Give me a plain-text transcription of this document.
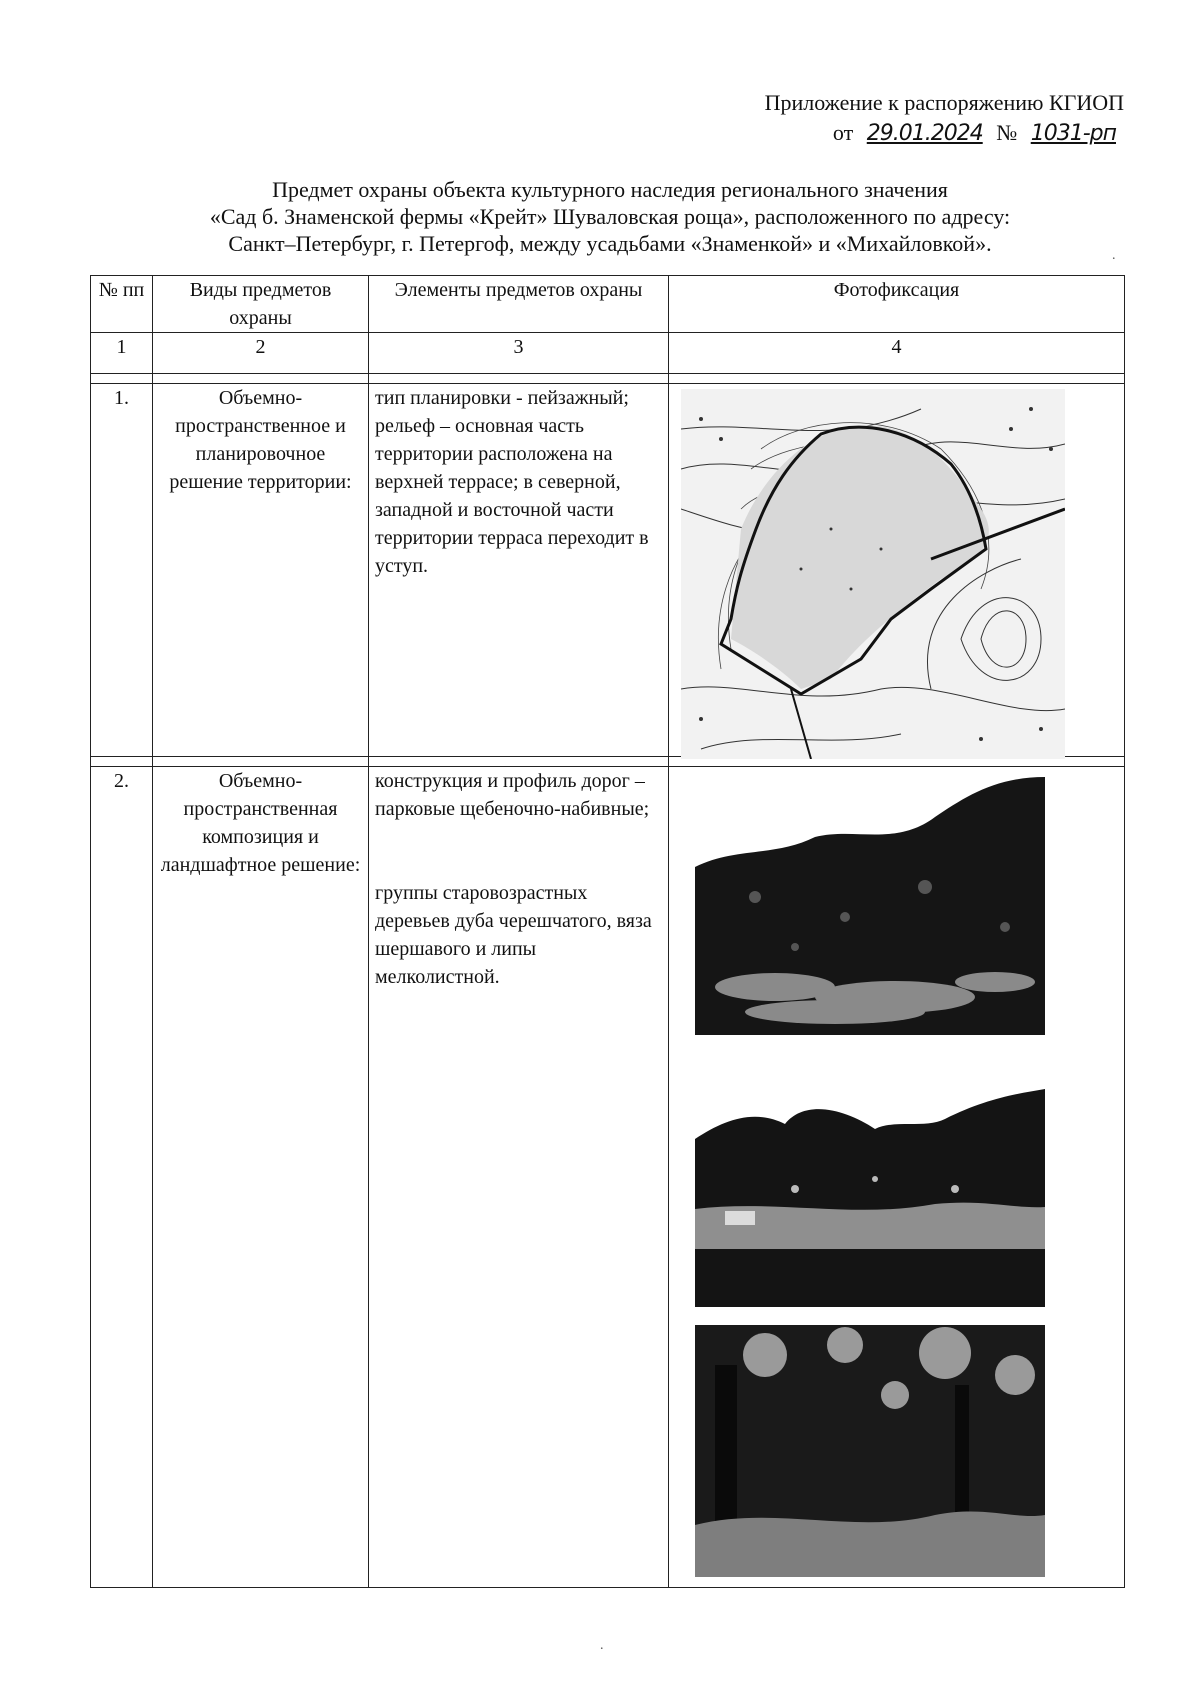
Приложение к распоряжению КГИОП
от 29.01.2024 № 1031-рп
Предмет охраны объекта культурного наследия регионального значения
«Сад б. Знаменской фермы «Крейт» Шуваловская роща», расположенного по адресу:
Санкт–Петербург, г. Петергоф, между усадьбами «Знаменкой» и «Михайловкой».
№ пп	Виды предметов охраны	Элементы предметов охраны	Фотофиксация
1	2	3	4

1.	Объемно-пространственное и планировочное решение территории:	тип планировки - пейзажный;
рельеф – основная часть территории расположена на верхней террасе; в северной, западной и восточной части территории терраса переходит в уступ.

2.	Объемно-пространственная композиция и ландшафтное решение:	конструкция и профиль дорог – парковые щебеночно-набивные;
группы старовозрастных деревьев дуба черешчатого, вяза шершавого и липы мелколистной.

.
.
